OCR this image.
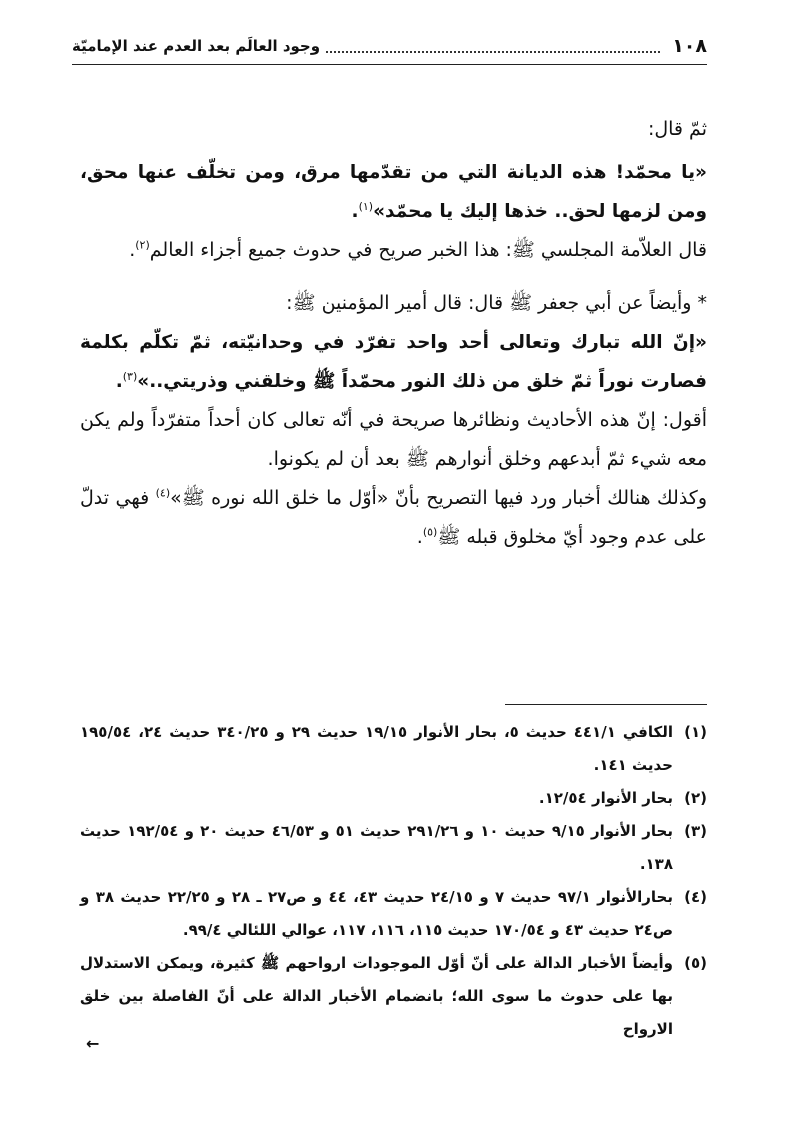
١٠٨
وجود العالَم بعد العدم عند الإماميّة

ثمّ قال:

«يا محمّد! هذه الديانة التي من تقدّمها مرق، ومن تخلّف عنها محق، ومن لزمها لحق.. خذها إليك يا محمّد»$^{(١)}$.

قال العلاّمة المجلسي ﷺ: هذا الخبر صريح في حدوث جميع أجزاء العالم$^{(٢)}$.

* وأيضاً عن أبي جعفر ﷺ قال: قال أمير المؤمنين ﷺ:

«إنّ الله تبارك وتعالى أحد واحد تفرّد في وحدانيّته، ثمّ تكلّم بكلمة فصارت نوراً ثمّ خلق من ذلك النور محمّداً ﷺ وخلقني وذريتي..»$^{(٣)}$.

أقول: إنّ هذه الأحاديث ونظائرها صريحة في أنّه تعالى كان أحداً متفرّداً ولم يكن معه شيء ثمّ أبدعهم وخلق أنوارهم ﷺ بعد أن لم يكونوا.

وكذلك هنالك أخبار ورد فيها التصريح بأنّ «أوّل ما خلق الله نوره ﷺ»$^{(٤)}$ فهي تدلّ على عدم وجود أيّ مخلوق قبله ﷺ$^{(٥)}$.

(١)
الكافي ٤٤١/١ حديث ٥، بحار الأنوار ١٩/١٥ حديث ٢٩ و ٣٤٠/٢٥ حديث ٢٤، ١٩٥/٥٤ حديث ١٤١.
(٢)
بحار الأنوار ١٢/٥٤.
(٣)
بحار الأنوار ٩/١٥ حديث ١٠ و ٢٩١/٢٦ حديث ٥١ و ٤٦/٥٣ حديث ٢٠ و ١٩٢/٥٤ حديث ١٣٨.
(٤)
بحارالأنوار ٩٧/١ حديث ٧ و ٢٤/١٥ حديث ٤٣، ٤٤ و ص٢٧ ـ ٢٨ و ٢٢/٢٥ حديث ٣٨ و ص٢٤ حديث ٤٣ و ١٧٠/٥٤ حديث ١١٥، ١١٦، ١١٧، عوالي اللئالي ٩٩/٤.
(٥)
وأيضاً الأخبار الدالة على أنّ أوّل الموجودات ارواحهم ﷺ كثيرة، ويمكن الاستدلال بها على حدوث ما سوى الله؛ بانضمام الأخبار الدالة على أنّ الفاصلة بين خلق الارواح
←
